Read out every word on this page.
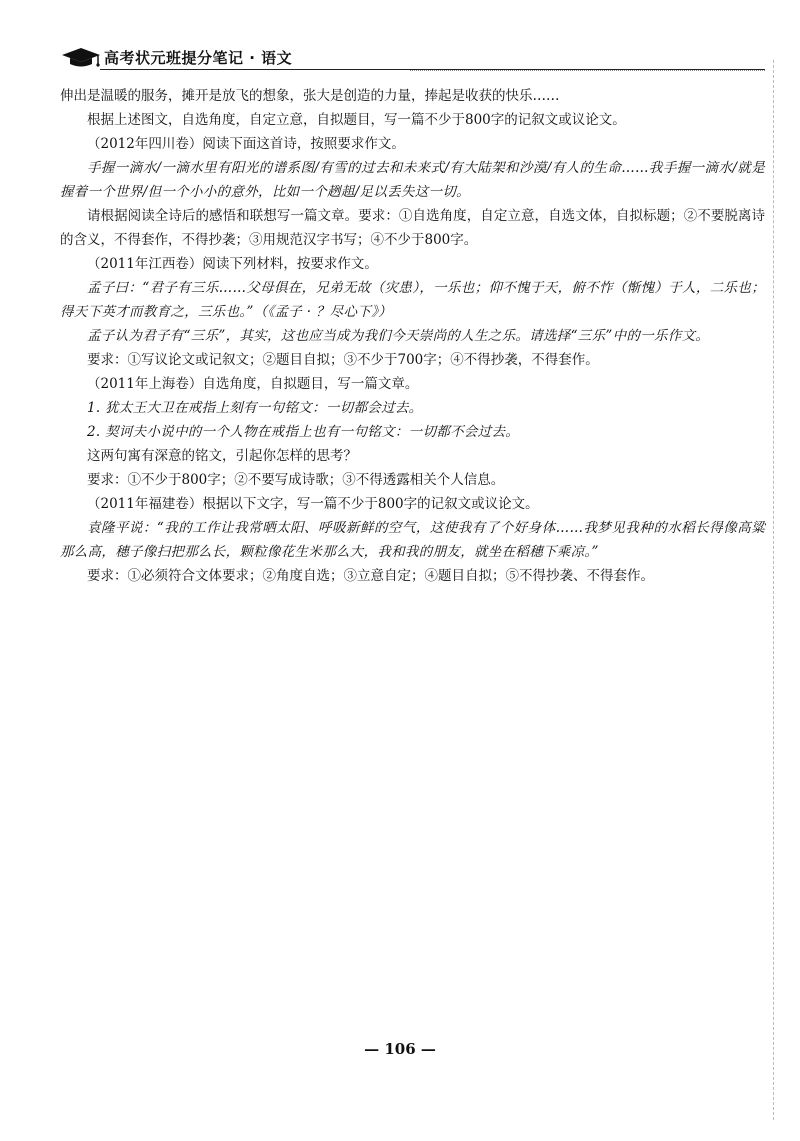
高考状元班提分笔记 · 语文

伸出是温暖的服务，摊开是放飞的想象，张大是创造的力量，捧起是收获的快乐……

根据上述图文，自选角度，自定立意，自拟题目，写一篇不少于800字的记叙文或议论文。

（2012年四川卷）阅读下面这首诗，按照要求作文。

手握一滴水/一滴水里有阳光的谱系图/有雪的过去和未来式/有大陆架和沙漠/有人的生命……我手握一滴水/就是握着一个世界/但一个小小的意外，比如一个趔趄/足以丢失这一切。

请根据阅读全诗后的感悟和联想写一篇文章。要求：①自选角度，自定立意，自选文体，自拟标题；②不要脱离诗的含义，不得套作，不得抄袭；③用规范汉字书写；④不少于800字。

（2011年江西卷）阅读下列材料，按要求作文。

孟子曰：“君子有三乐……父母俱在，兄弟无故（灾患），一乐也；仰不愧于天，俯不怍（惭愧）于人，二乐也；得天下英才而教育之，三乐也。”（《孟子 · ？尽心下》）

孟子认为君子有“三乐”，其实，这也应当成为我们今天崇尚的人生之乐。请选择“三乐”中的一乐作文。

要求：①写议论文或记叙文；②题目自拟；③不少于700字；④不得抄袭，不得套作。

（2011年上海卷）自选角度，自拟题目，写一篇文章。

1. 犹太王大卫在戒指上刻有一句铭文：一切都会过去。

2. 契诃夫小说中的一个人物在戒指上也有一句铭文：一切都不会过去。

这两句寓有深意的铭文，引起你怎样的思考？

要求：①不少于800字；②不要写成诗歌；③不得透露相关个人信息。

（2011年福建卷）根据以下文字，写一篇不少于800字的记叙文或议论文。

袁隆平说：“我的工作让我常晒太阳、呼吸新鲜的空气，这使我有了个好身体……我梦见我种的水稻长得像高粱那么高，穗子像扫把那么长，颗粒像花生米那么大，我和我的朋友，就坐在稻穗下乘凉。”

要求：①必须符合文体要求；②角度自选；③立意自定；④题目自拟；⑤不得抄袭、不得套作。

— 106 —
